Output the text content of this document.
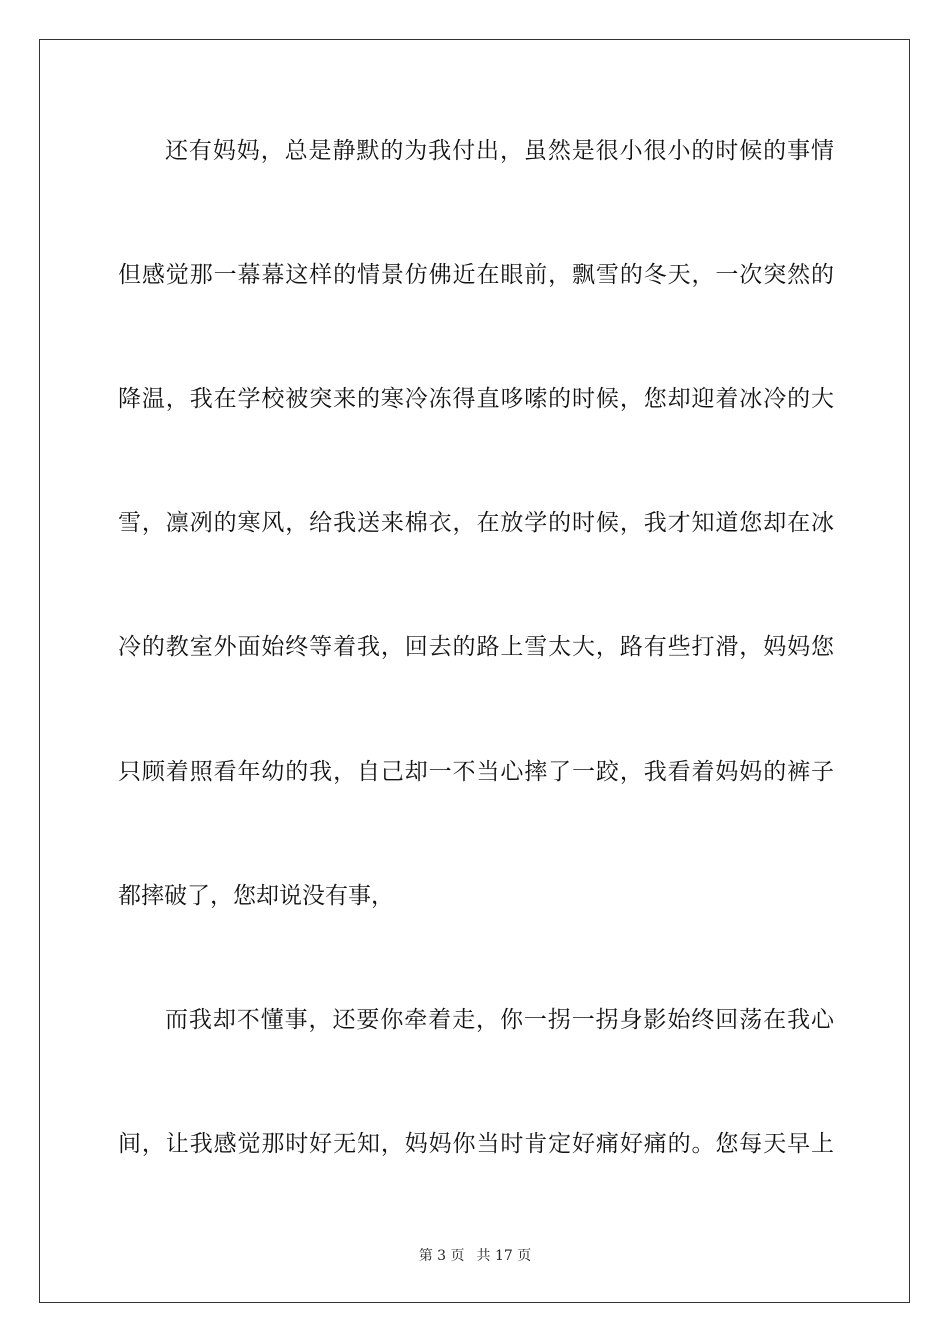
还有妈妈，总是静默的为我付出，虽然是很小很小的时候的事情
但感觉那一幕幕这样的情景仿佛近在眼前，飘雪的冬天，一次突然的
降温，我在学校被突来的寒冷冻得直哆嗦的时候，您却迎着冰冷的大
雪，凛冽的寒风，给我送来棉衣，在放学的时候，我才知道您却在冰
冷的教室外面始终等着我，回去的路上雪太大，路有些打滑，妈妈您
只顾着照看年幼的我，自己却一不当心摔了一跤，我看着妈妈的裤子
都摔破了，您却说没有事，
而我却不懂事，还要你牵着走，你一拐一拐身影始终回荡在我心
间，让我感觉那时好无知，妈妈你当时肯定好痛好痛的。您每天早上
第 3 页 共 17 页
